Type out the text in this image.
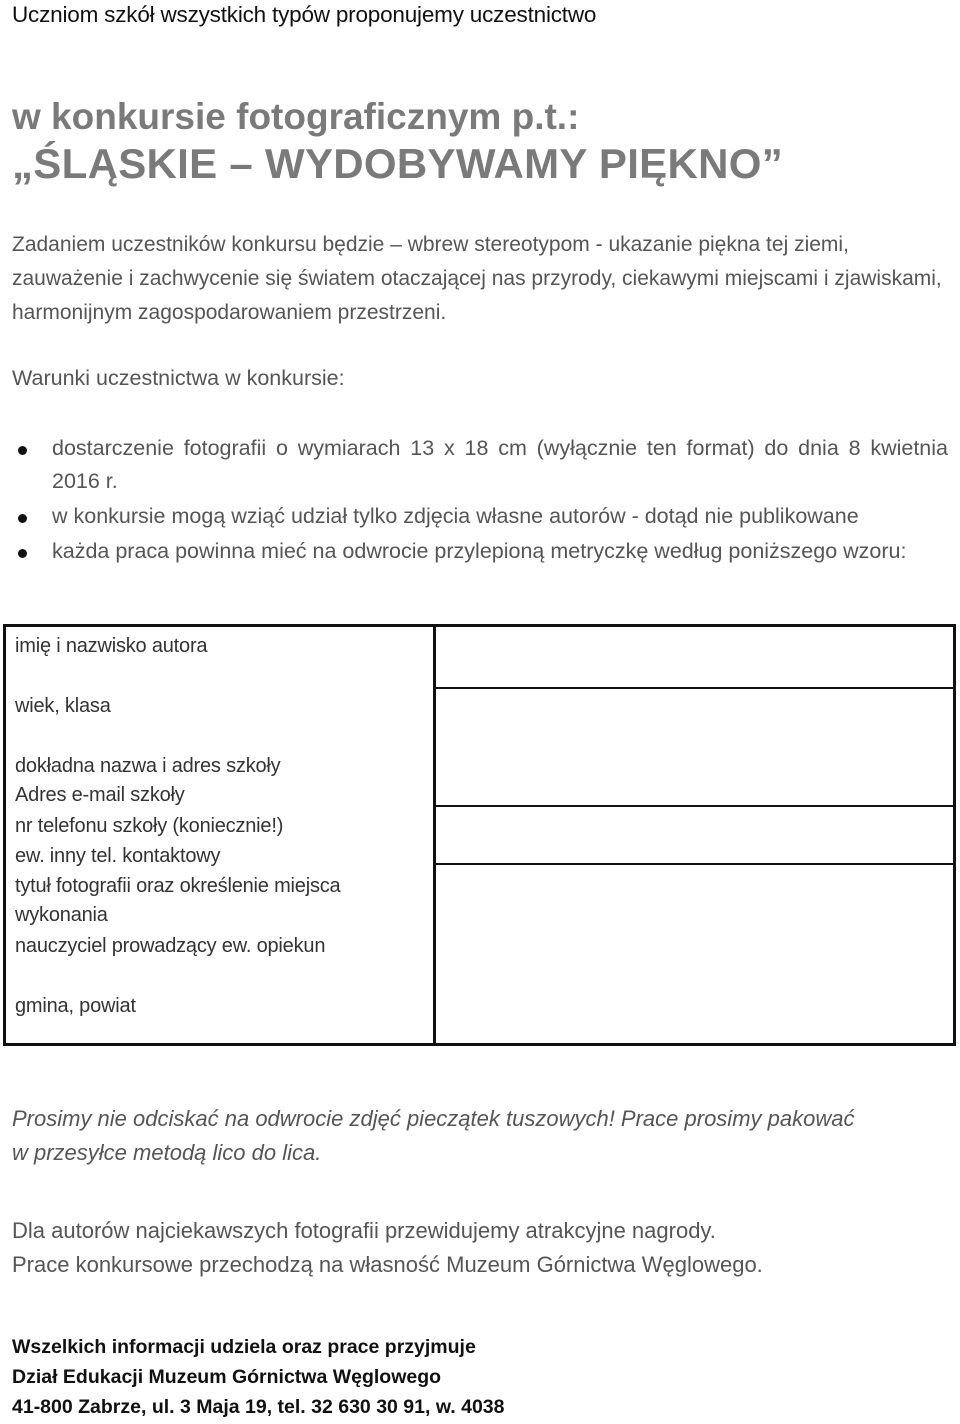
Uczniom szkół wszystkich typów proponujemy uczestnictwo
w konkursie fotograficznym p.t.:
„ŚLĄSKIE – WYDOBYWAMY PIĘKNO”

Zadaniem uczestników konkursu będzie – wbrew stereotypom - ukazanie piękna tej ziemi, zauważenie i zachwycenie się światem otaczającej nas przyrody, ciekawymi miejscami i zjawiskami, harmonijnym zagospodarowaniem przestrzeni.

Warunki uczestnictwa w konkursie:
dostarczenie fotografii o wymiarach 13 x 18 cm (wyłącznie ten format) do dnia 8 kwietnia 2016 r.
w konkursie mogą wziąć udział tylko zdjęcia własne autorów - dotąd nie publikowane
każda praca powinna mieć na odwrocie przylepioną metryczkę według poniższego wzoru:
imię i nazwisko autora
wiek, klasa
dokładna nazwa i adres szkoły
Adres e-mail szkoły
nr telefonu szkoły (koniecznie!)
ew. inny tel. kontaktowy
tytuł fotografii oraz określenie miejsca
wykonania
nauczyciel prowadzący ew. opiekun
gmina, powiat
Prosimy nie odciskać na odwrocie zdjęć pieczątek tuszowych! Prace prosimy pakować
w przesyłce metodą lico do lica.
Dla autorów najciekawszych fotografii przewidujemy atrakcyjne nagrody.
Prace konkursowe przechodzą na własność Muzeum Górnictwa Węglowego.
Wszelkich informacji udziela oraz prace przyjmuje
Dział Edukacji Muzeum Górnictwa Węglowego
41-800 Zabrze, ul. 3 Maja 19, tel. 32 630 30 91, w. 4038
